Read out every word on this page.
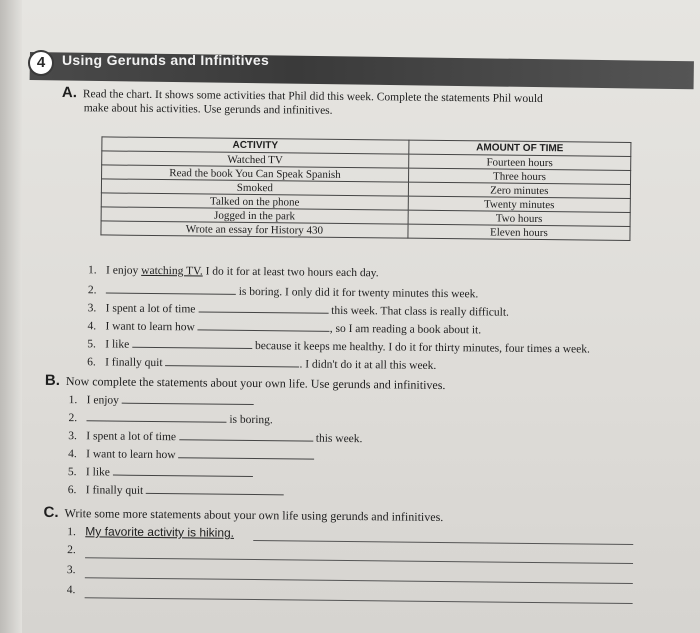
4	Using Gerunds and Infinitives
A. Read the chart. It shows some activities that Phil did this week. Complete the statements Phil would
make about his activities. Use gerunds and infinitives.
ACTIVITY	AMOUNT OF TIME
Watched TV	Fourteen hours
Read the book You Can Speak Spanish	Three hours
Smoked	Zero minutes
Talked on the phone	Twenty minutes
Jogged in the park	Two hours
Wrote an essay for History 430	Eleven hours
1. I enjoy watching TV. I do it for at least two hours each day.
2.	is boring. I only did it for twenty minutes this week.
3. I spent a lot of time	this week. That class is really difficult.
4. I want to learn how	, so I am reading a book about it.
5. I like	because it keeps me healthy. I do it for thirty minutes, four times a week.
6. I finally quit	. I didn't do it at all this week.
B. Now complete the statements about your own life. Use gerunds and infinitives.
1. I enjoy
2.	is boring.
3. I spent a lot of time	this week.
4. I want to learn how
5. I like
6. I finally quit
C. Write some more statements about your own life using gerunds and infinitives.
1. My favorite activity is hiking.
2.
3.
4.
